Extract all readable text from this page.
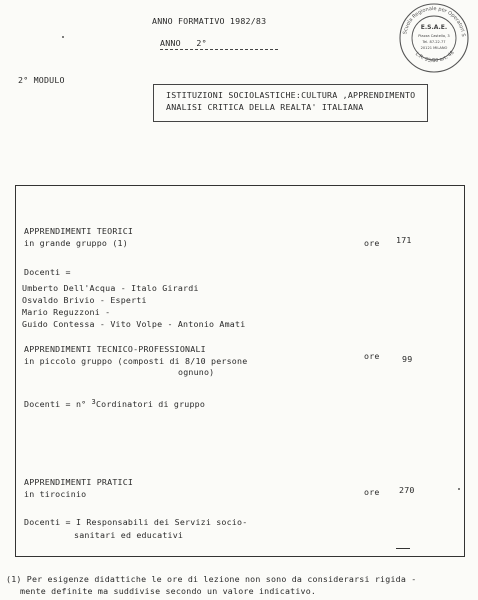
ANNO FORMATIVO 1982/83
ANNO 2°
Scuola Regionale per Operatori S
L.R. 95/80 art. 48
E.S.A.E.
Piazza Castello, 3
Tel. 87.22.77
20121 MILANO
2° MODULO
ISTITUZIONI SOCIOLASTICHE:CULTURA ,APPRENDIMENTO
ANALISI CRITICA DELLA REALTA' ITALIANA
APPRENDIMENTI TEORICI
in grande gruppo (1)	ore 171
Docenti =
Umberto Dell'Acqua - Italo Girardi
Osvaldo Brivio - Esperti
Mario Reguzzoni -
Guido Contessa - Vito Volpe - Antonio Amati
APPRENDIMENTI TECNICO-PROFESSIONALI
in piccolo gruppo (composti di 8/10 persone
ognuno)
ore	99
Docenti = n° $^3$Cordinatori di gruppo
APPRENDIMENTI PRATICI
in tirocinio	ore 270
Docenti = I Responsabili dei Servizi socio-
sanitari ed educativi
(1) Per esigenze didattiche le ore di lezione non sono da considerarsi rigida -
mente definite ma suddivise secondo un valore indicativo.
